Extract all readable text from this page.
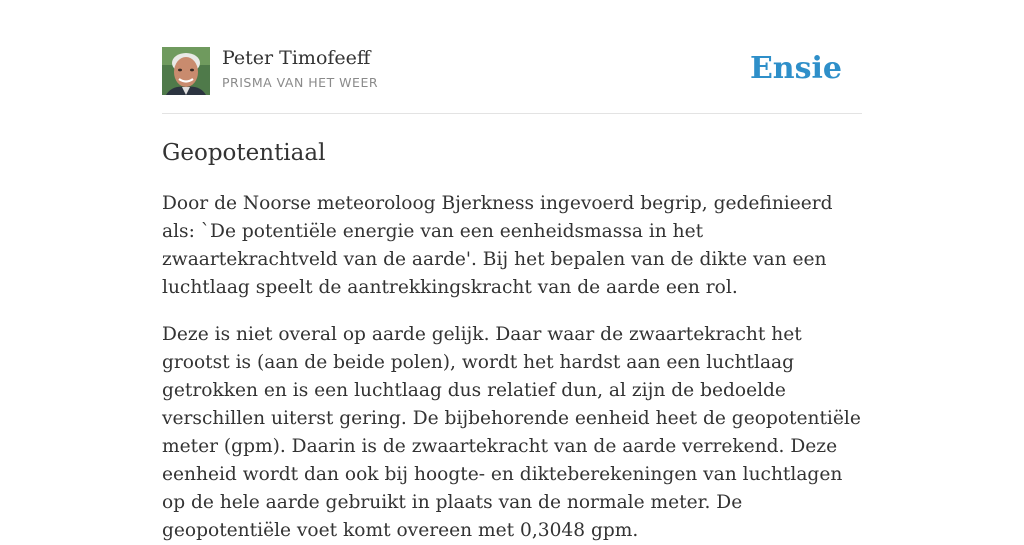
Peter Timofeeff
PRISMA VAN HET WEER	Ensie
Geopotentiaal

Door de Noorse meteoroloog Bjerkness ingevoerd begrip, gedefinieerd als: `De potentiële energie van een eenheidsmassa in het zwaartekrachtveld van de aarde'. Bij het bepalen van de dikte van een luchtlaag speelt de aantrekkingskracht van de aarde een rol.

Deze is niet overal op aarde gelijk. Daar waar de zwaartekracht het grootst is (aan de beide polen), wordt het hardst aan een luchtlaag getrokken en is een luchtlaag dus relatief dun, al zijn de bedoelde verschillen uiterst gering. De bijbehorende eenheid heet de geopotentiële meter (gpm). Daarin is de zwaartekracht van de aarde verrekend. Deze eenheid wordt dan ook bij hoogte- en dikteberekeningen van luchtlagen op de hele aarde gebruikt in plaats van de normale meter. De geopotentiële voet komt overeen met 0,3048 gpm.
